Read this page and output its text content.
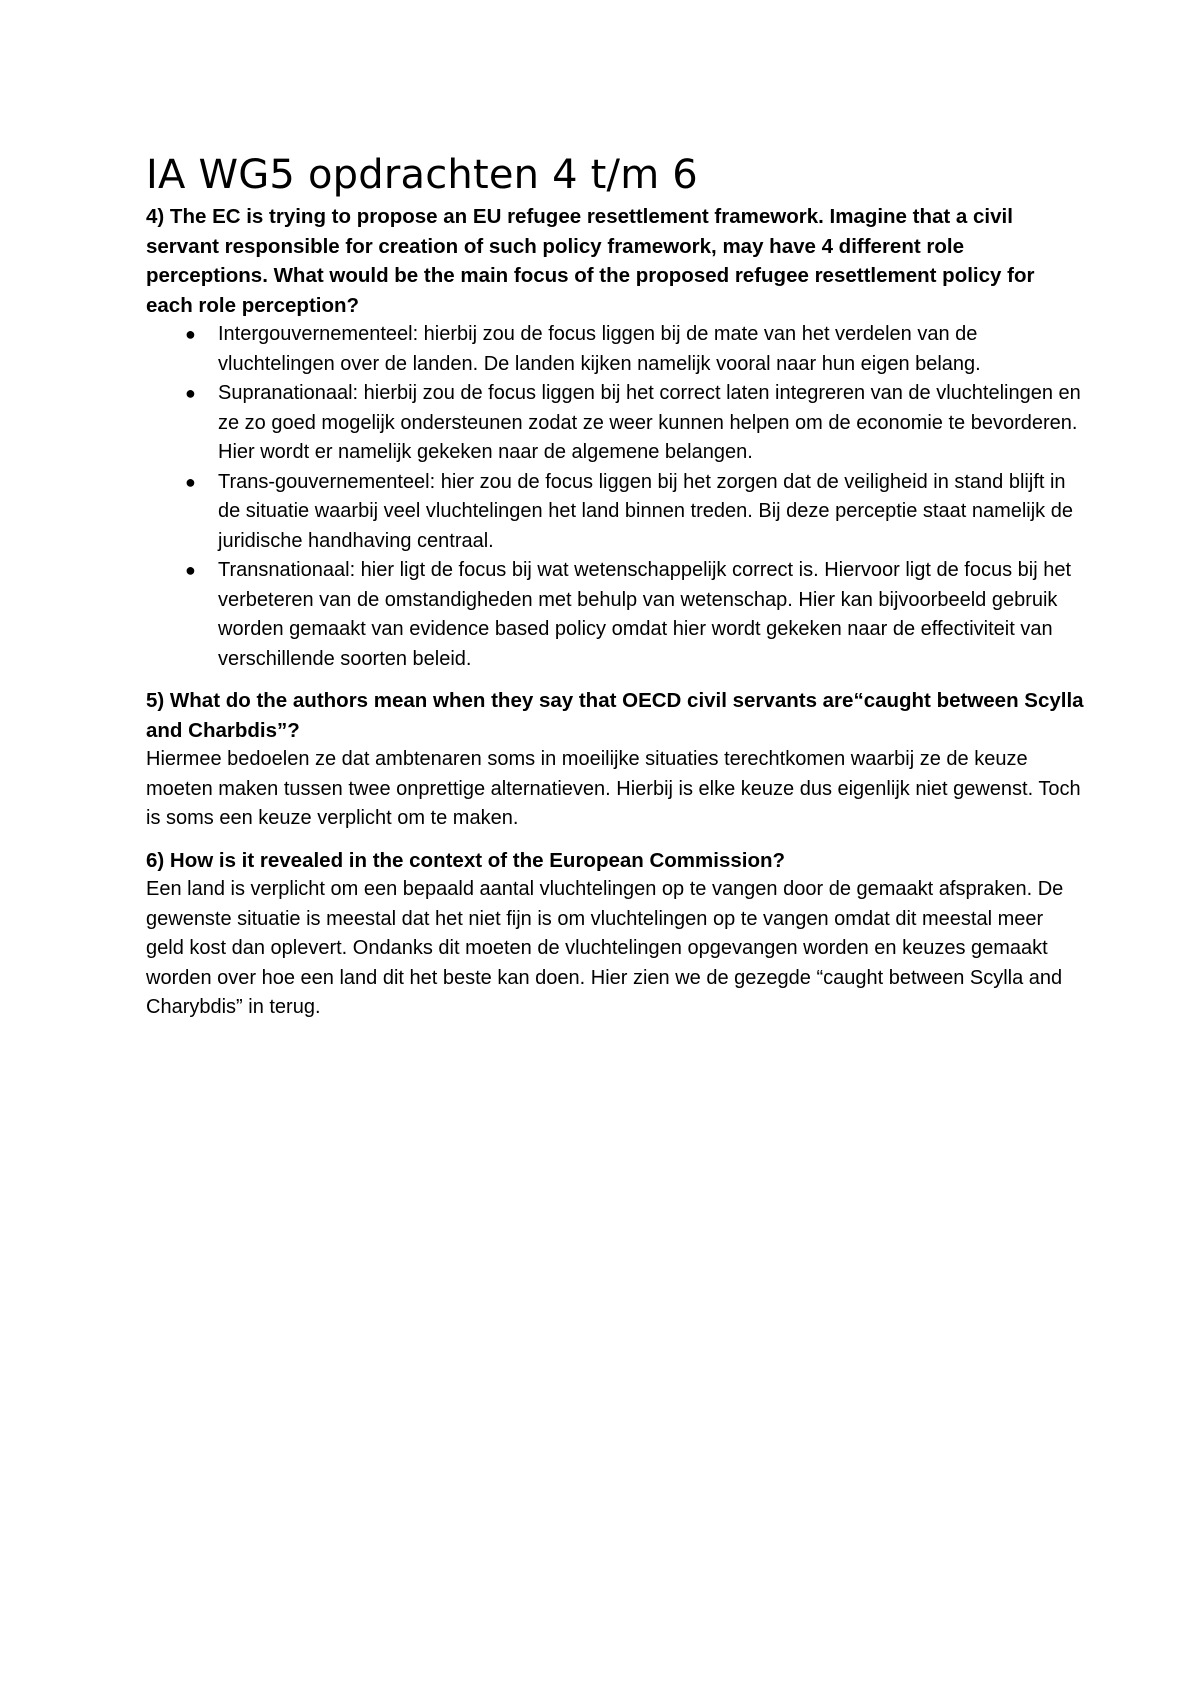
IA WG5 opdrachten 4 t/m 6

4) The EC is trying to propose an EU refugee resettlement framework. Imagine that a civil servant responsible for creation of such policy framework, may have 4 different role perceptions. What would be the main focus of the proposed refugee resettlement policy for each role perception?

● Intergouvernementeel: hierbij zou de focus liggen bij de mate van het verdelen van de vluchtelingen over de landen. De landen kijken namelijk vooral naar hun eigen belang.
● Supranationaal: hierbij zou de focus liggen bij het correct laten integreren van de vluchtelingen en ze zo goed mogelijk ondersteunen zodat ze weer kunnen helpen om de economie te bevorderen. Hier wordt er namelijk gekeken naar de algemene belangen.
● Trans-gouvernementeel: hier zou de focus liggen bij het zorgen dat de veiligheid in stand blijft in de situatie waarbij veel vluchtelingen het land binnen treden. Bij deze perceptie staat namelijk de juridische handhaving centraal.
● Transnationaal: hier ligt de focus bij wat wetenschappelijk correct is. Hiervoor ligt de focus bij het verbeteren van de omstandigheden met behulp van wetenschap. Hier kan bijvoorbeeld gebruik worden gemaakt van evidence based policy omdat hier wordt gekeken naar de effectiviteit van verschillende soorten beleid.

5) What do the authors mean when they say that OECD civil servants are“caught between Scylla and Charbdis”?

Hiermee bedoelen ze dat ambtenaren soms in moeilijke situaties terechtkomen waarbij ze de keuze moeten maken tussen twee onprettige alternatieven. Hierbij is elke keuze dus eigenlijk niet gewenst. Toch is soms een keuze verplicht om te maken.

6) How is it revealed in the context of the European Commission?

Een land is verplicht om een bepaald aantal vluchtelingen op te vangen door de gemaakt afspraken. De gewenste situatie is meestal dat het niet fijn is om vluchtelingen op te vangen omdat dit meestal meer geld kost dan oplevert. Ondanks dit moeten de vluchtelingen opgevangen worden en keuzes gemaakt worden over hoe een land dit het beste kan doen. Hier zien we de gezegde “caught between Scylla and Charybdis” in terug.
